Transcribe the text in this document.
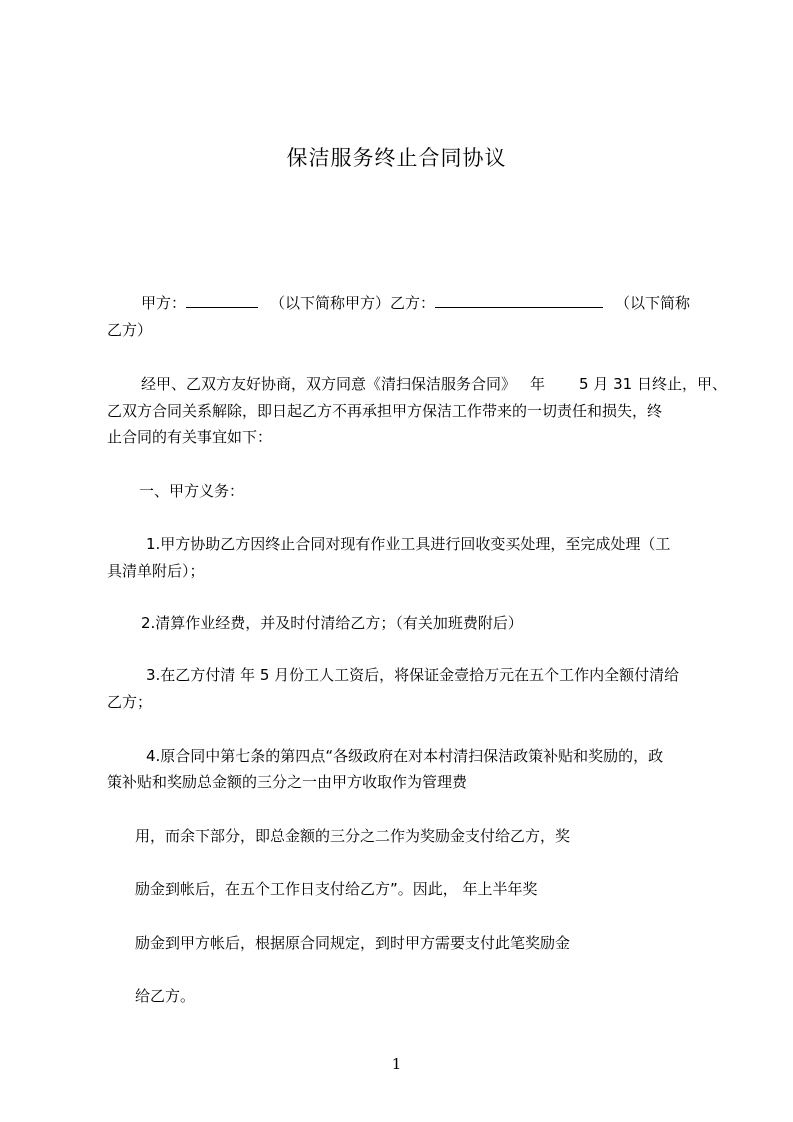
保洁服务终止合同协议
甲方：	（以下简称甲方）乙方：	（以下简称
乙方）
经甲、乙双方友好协商，双方同意《清扫保洁服务合同》 年 5 月 31 日终止，甲、
乙双方合同关系解除，即日起乙方不再承担甲方保洁工作带来的一切责任和损失，终
止合同的有关事宜如下：
一、甲方义务：
1.甲方协助乙方因终止合同对现有作业工具进行回收变买处理，至完成处理（工
具清单附后）；
2.清算作业经费，并及时付清给乙方；（有关加班费附后）
3.在乙方付清 年 5 月份工人工资后，将保证金壹拾万元在五个工作内全额付清给
乙方；
4.原合同中第七条的第四点“各级政府在对本村清扫保洁政策补贴和奖励的，政
策补贴和奖励总金额的三分之一由甲方收取作为管理费
用，而余下部分，即总金额的三分之二作为奖励金支付给乙方，奖
励金到帐后，在五个工作日支付给乙方”。因此， 年上半年奖
励金到甲方帐后，根据原合同规定，到时甲方需要支付此笔奖励金
给乙方。
1
